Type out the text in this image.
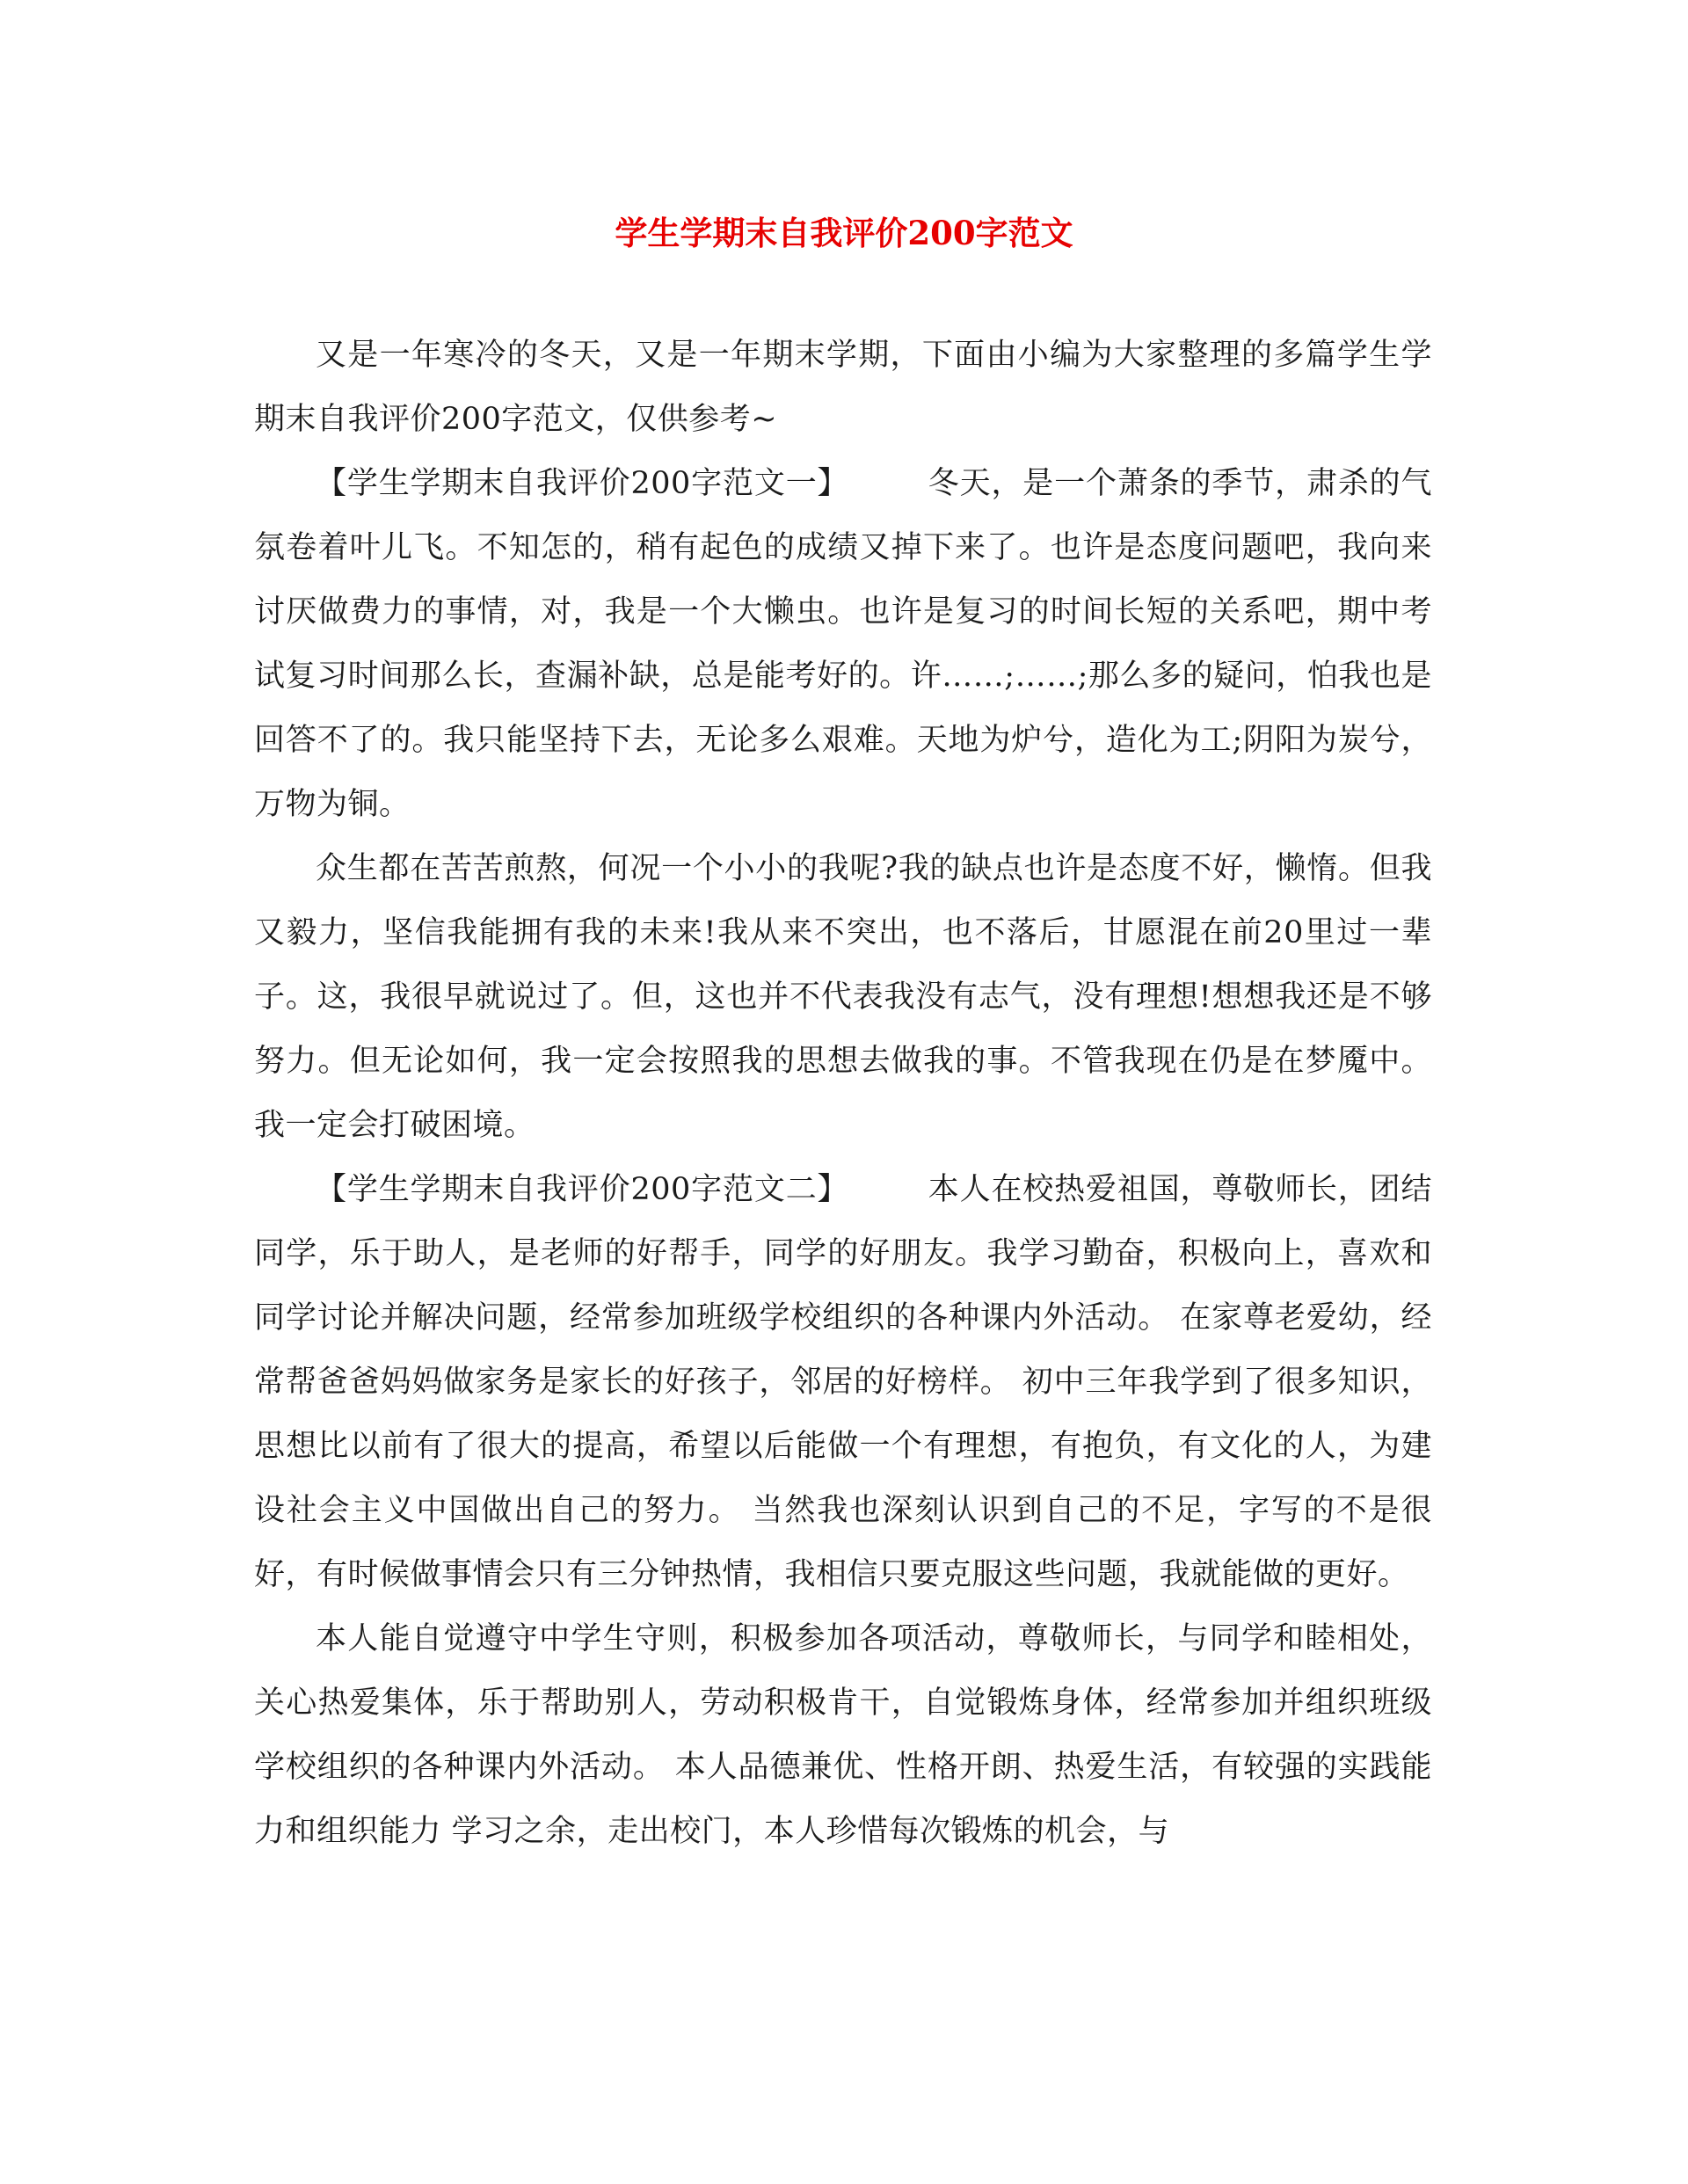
学生学期末自我评价200字范文

又是一年寒冷的冬天，又是一年期末学期，下面由小编为大家整理的多篇学生学期末自我评价200字范文，仅供参考~

【学生学期末自我评价200字范文一】	冬天，是一个萧条的季节，肃杀的气氛卷着叶儿飞。不知怎的，稍有起色的成绩又掉下来了。也许是态度问题吧，我向来讨厌做费力的事情，对，我是一个大懒虫。也许是复习的时间长短的关系吧，期中考试复习时间那么长，查漏补缺，总是能考好的。许……;……;那么多的疑问，怕我也是回答不了的。我只能坚持下去，无论多么艰难。天地为炉兮，造化为工;阴阳为炭兮，万物为铜。

众生都在苦苦煎熬，何况一个小小的我呢?我的缺点也许是态度不好，懒惰。但我又毅力，坚信我能拥有我的未来!我从来不突出，也不落后，甘愿混在前20里过一辈子。这，我很早就说过了。但，这也并不代表我没有志气，没有理想!想想我还是不够努力。但无论如何，我一定会按照我的思想去做我的事。不管我现在仍是在梦魇中。我一定会打破困境。

【学生学期末自我评价200字范文二】	本人在校热爱祖国，尊敬师长，团结同学，乐于助人，是老师的好帮手，同学的好朋友。我学习勤奋，积极向上，喜欢和同学讨论并解决问题，经常参加班级学校组织的各种课内外活动。 在家尊老爱幼，经常帮爸爸妈妈做家务是家长的好孩子，邻居的好榜样。 初中三年我学到了很多知识，思想比以前有了很大的提高，希望以后能做一个有理想，有抱负，有文化的人，为建设社会主义中国做出自己的努力。 当然我也深刻认识到自己的不足，字写的不是很好，有时候做事情会只有三分钟热情，我相信只要克服这些问题，我就能做的更好。

本人能自觉遵守中学生守则，积极参加各项活动，尊敬师长，与同学和睦相处，关心热爱集体，乐于帮助别人，劳动积极肯干，自觉锻炼身体，经常参加并组织班级学校组织的各种课内外活动。 本人品德兼优、性格开朗、热爱生活，有较强的实践能力和组织能力 学习之余，走出校门，本人珍惜每次锻炼的机会，与
